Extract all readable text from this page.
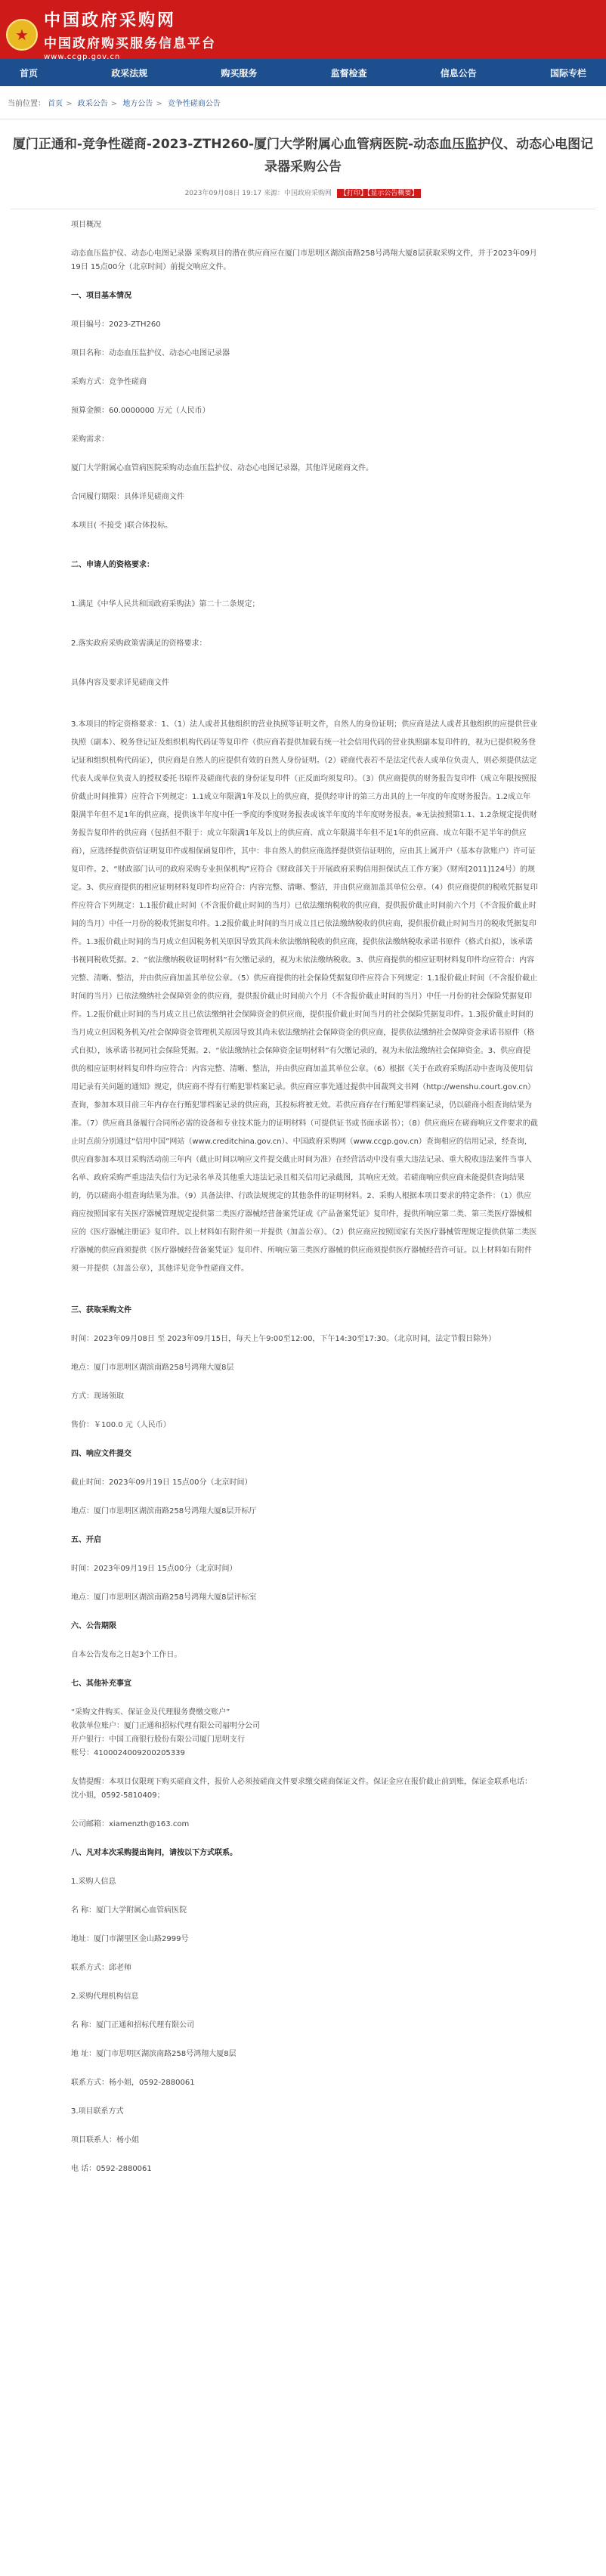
★
中国政府采购网
中国政府购买服务信息平台
www.ccgp.gov.cn
首页	政采法规	购买服务	监督检查	信息公告	国际专栏
当前位置： 首页 > 政采公告 > 地方公告 > 竞争性磋商公告
厦门正通和-竞争性磋商-2023-ZTH260-厦门大学附属心血管病医院-动态血压监护仪、动态心电图记录器采购公告
2023年09月08日 19:17 来源：中国政府采购网 【打印】【显示公告概要】
项目概况
动态血压监护仪、动态心电图记录器 采购项目的潜在供应商应在厦门市思明区湖滨南路258号鸿翔大厦8层获取采购文件，并于2023年09月19日 15点00分（北京时间）前提交响应文件。
一、项目基本情况
项目编号：2023-ZTH260
项目名称：动态血压监护仪、动态心电图记录器
采购方式：竞争性磋商
预算金额：60.0000000 万元（人民币）
采购需求：
厦门大学附属心血管病医院采购动态血压监护仪、动态心电图记录器，其他详见磋商文件。
合同履行期限：具体详见磋商文件
本项目( 不接受 )联合体投标。
二、申请人的资格要求：
1.满足《中华人民共和国政府采购法》第二十二条规定；
2.落实政府采购政策需满足的资格要求：
具体内容及要求详见磋商文件
3.本项目的特定资格要求：1、（1）法人或者其他组织的营业执照等证明文件，自然人的身份证明；供应商是法人或者其他组织的应提供营业执照（副本）、税务登记证及组织机构代码证等复印件（供应商若提供加载有统一社会信用代码的营业执照副本复印件的，视为已提供税务登记证和组织机构代码证），供应商是自然人的应提供有效的自然人身份证明。（2）磋商代表若不是法定代表人或单位负责人，则必须提供法定代表人或单位负责人的授权委托书原件及磋商代表的身份证复印件（正反面均须复印）。（3）供应商提供的财务报告复印件（成立年限按照报价截止时间推算）应符合下列规定：1.1成立年限满1年及以上的供应商，提供经审计的第三方出具的上一年度的年度财务报告。1.2成立年限满半年但不足1年的供应商，提供该半年度中任一季度的季度财务报表或该半年度的半年度财务报表。※无法按照第1.1、1.2条规定提供财务报告复印件的供应商（包括但不限于：成立年限满1年及以上的供应商、成立年限满半年但不足1年的供应商、成立年限不足半年的供应商），应选择提供资信证明复印件或相保函复印件，其中：非自然人的供应商选择提供资信证明的，应由其上属开户（基本存款账户）许可证复印件。2、“财政部门认可的政府采购专业担保机构”应符合《财政部关于开展政府采购信用担保试点工作方案》（财库[2011]124号）的规定。3、供应商提供的相应证明材料复印件均应符合：内容完整、清晰、整洁，并由供应商加盖其单位公章。（4）供应商提供的税收凭据复印件应符合下列规定：1.1报价截止时间（不含报价截止时间的当月）已依法缴纳税收的供应商，提供报价截止时间前六个月（不含报价截止时间的当月）中任一月份的税收凭据复印件。1.2报价截止时间的当月成立且已依法缴纳税收的供应商，提供报价截止时间当月的税收凭据复印件。1.3报价截止时间的当月成立但因税务机关原因导致其尚未依法缴纳税收的供应商，提供依法缴纳税收承诺书原件（格式自拟），该承诺书视同税收凭据。2、“依法缴纳税收证明材料”有欠缴记录的，视为未依法缴纳税收。3、供应商提供的相应证明材料复印件均应符合：内容完整、清晰、整洁，并由供应商加盖其单位公章。（5）供应商提供的社会保险凭据复印件应符合下列规定：1.1报价截止时间（不含报价截止时间的当月）已依法缴纳社会保障资金的供应商，提供报价截止时间前六个月（不含报价截止时间的当月）中任一月份的社会保险凭据复印件。1.2报价截止时间的当月成立且已依法缴纳社会保障资金的供应商，提供报价截止时间当月的社会保险凭据复印件。1.3报价截止时间的当月成立但因税务机关/社会保障资金管理机关原因导致其尚未依法缴纳社会保障资金的供应商，提供依法缴纳社会保障资金承诺书原件（格式自拟），该承诺书视同社会保险凭据。2、“依法缴纳社会保障资金证明材料”有欠缴记录的，视为未依法缴纳社会保障资金。3、供应商提供的相应证明材料复印件均应符合：内容完整、清晰、整洁，并由供应商加盖其单位公章。（6）根据《关于在政府采购活动中查询及使用信用记录有关问题的通知》规定，供应商不得有行贿犯罪档案记录。供应商应事先通过提供中国裁判文书网（http://wenshu.court.gov.cn）查询，参加本项目前三年内存在行贿犯罪档案记录的供应商，其投标将被无效。若供应商存在行贿犯罪档案记录，仍以磋商小组查询结果为准。（7）供应商具备履行合同所必需的设备和专业技术能力的证明材料（可提供证书或书面承诺书）；（8）供应商应在磋商响应文件要求的截止时点前分别通过“信用中国”网站（www.creditchina.gov.cn）、中国政府采购网（www.ccgp.gov.cn）查询相应的信用记录，经查询，供应商参加本项目采购活动前三年内（截止时间以响应文件提交截止时间为准）在经营活动中没有重大违法记录、重大税收违法案件当事人名单、政府采购严重违法失信行为记录名单及其他重大违法记录且相关信用记录截图，其响应无效。若磋商响应供应商未能提供查询结果的，仍以磋商小组查询结果为准。（9）具备法律、行政法规规定的其他条件的证明材料。2、采购人根据本项目要求的特定条件：（1）供应商应按照国家有关医疗器械管理规定提供第二类医疗器械经营备案凭证或《产品备案凭证》复印件，提供所响应第二类、第三类医疗器械相应的《医疗器械注册证》复印件。以上材料如有附件须一并提供（加盖公章）。（2）供应商应按照国家有关医疗器械管理规定提供供第二类医疗器械的供应商须提供《医疗器械经营备案凭证》复印件、所响应第三类医疗器械的供应商须提供医疗器械经营许可证。以上材料如有附件须一并提供（加盖公章），其他详见竞争性磋商文件。
三、获取采购文件
时间：2023年09月08日 至 2023年09月15日，每天上午9:00至12:00，下午14:30至17:30。（北京时间，法定节假日除外）
地点：厦门市思明区湖滨南路258号鸿翔大厦8层
方式：现场领取
售价：￥100.0 元（人民币）
四、响应文件提交
截止时间：2023年09月19日 15点00分（北京时间）
地点：厦门市思明区湖滨南路258号鸿翔大厦8层开标厅
五、开启
时间：2023年09月19日 15点00分（北京时间）
地点：厦门市思明区湖滨南路258号鸿翔大厦8层评标室
六、公告期限
自本公告发布之日起3个工作日。
七、其他补充事宜
“采购文件购买、保证金及代理服务费缴交账户”
收款单位账户：厦门正通和招标代理有限公司福明分公司
开户银行：中国工商银行股份有限公司厦门思明支行
账号：4100024009200205339
友情提醒：本项目仅限现下购买磋商文件，报价人必须按磋商文件要求缴交磋商保证文件。保证金应在报价截止前到账，保证金联系电话：沈小姐，0592-5810409；
公司邮箱：xiamenzth@163.com
八、凡对本次采购提出询问，请按以下方式联系。
1.采购人信息
名 称：厦门大学附属心血管病医院
地址：厦门市湖里区金山路2999号
联系方式：邱老师
2.采购代理机构信息
名 称：厦门正通和招标代理有限公司
地 址：厦门市思明区湖滨南路258号鸿翔大厦8层
联系方式：杨小姐，0592-2880061
3.项目联系方式
项目联系人：杨小姐
电 话：0592-2880061
